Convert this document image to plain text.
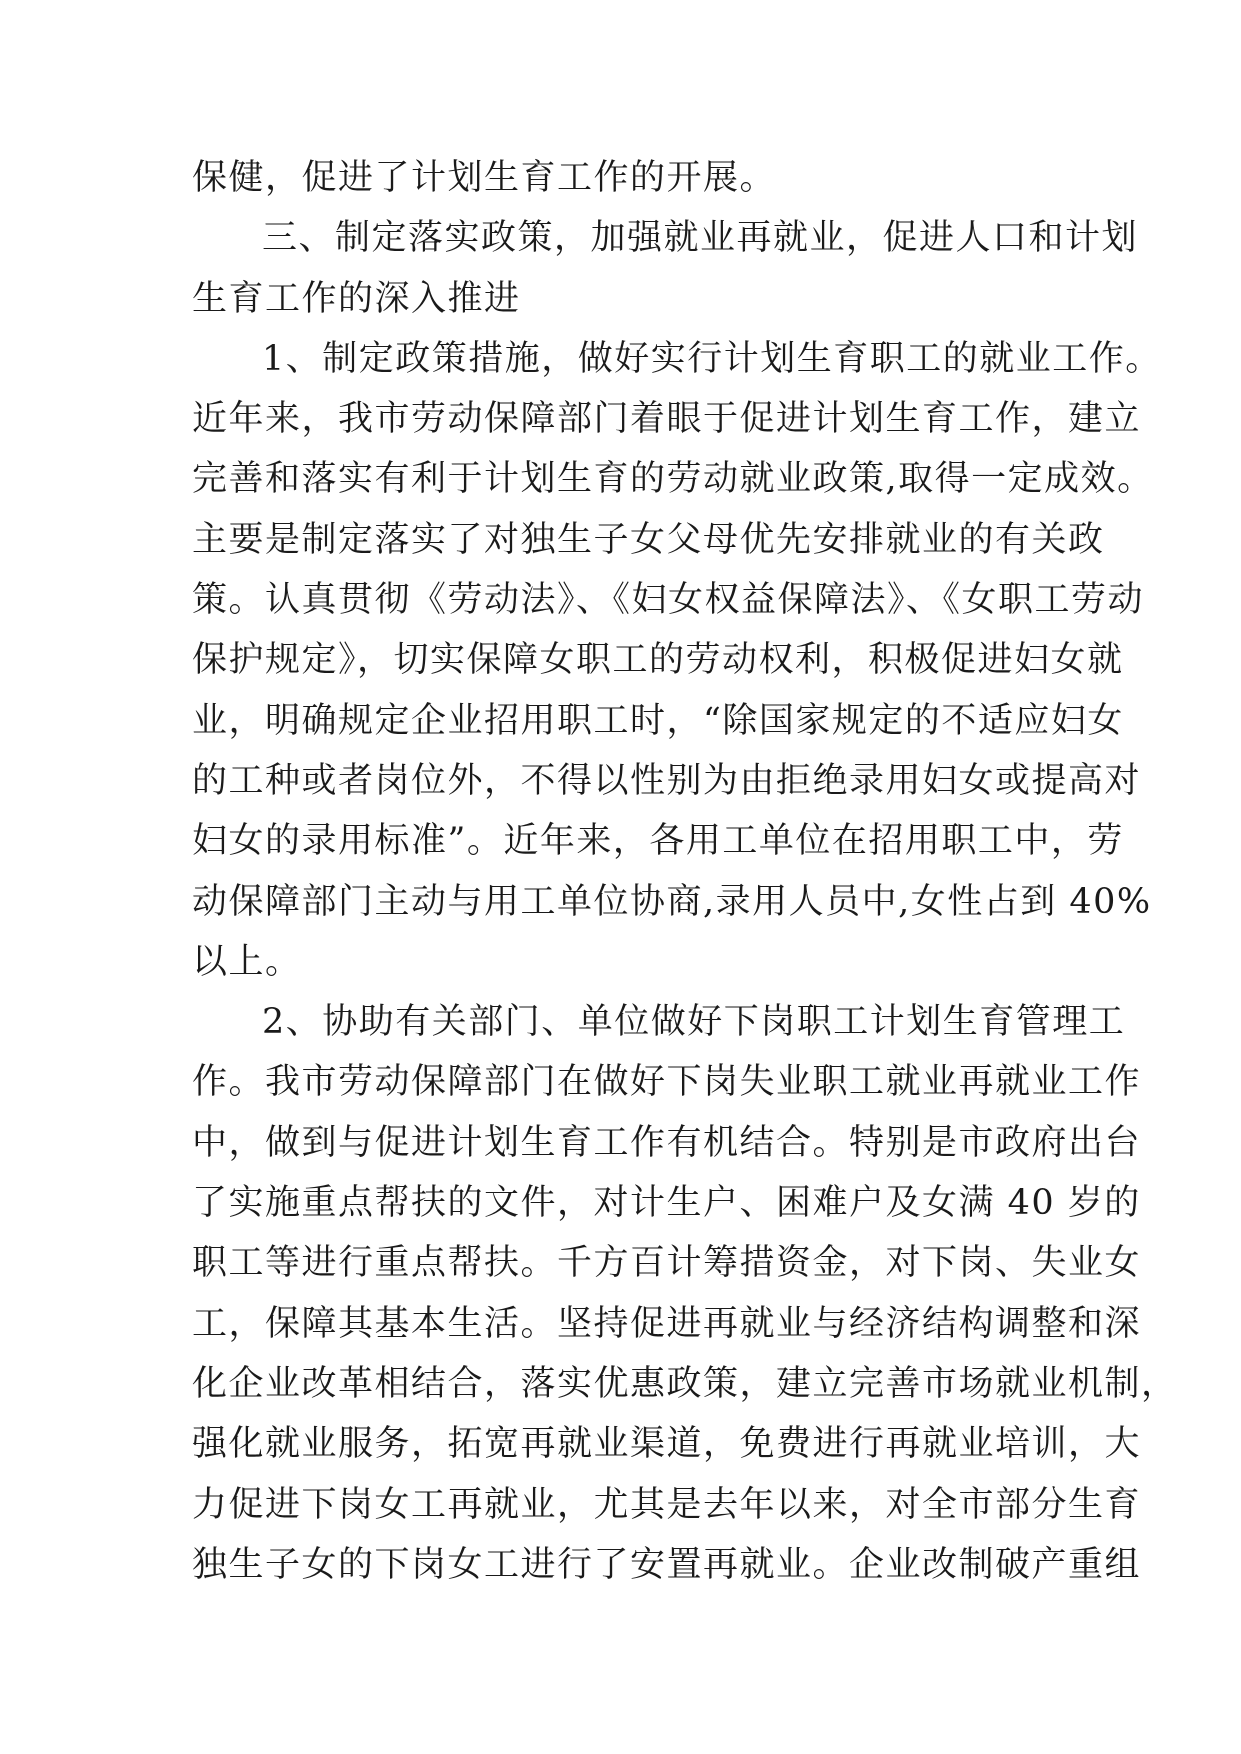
保健，促进了计划生育工作的开展。
三、制定落实政策，加强就业再就业，促进人口和计划
生育工作的深入推进
1、制定政策措施，做好实行计划生育职工的就业工作。
近年来，我市劳动保障部门着眼于促进计划生育工作，建立
完善和落实有利于计划生育的劳动就业政策,取得一定成效。
主要是制定落实了对独生子女父母优先安排就业的有关政
策。认真贯彻《劳动法》、《妇女权益保障法》、《女职工劳动
保护规定》，切实保障女职工的劳动权利，积极促进妇女就
业，明确规定企业招用职工时，“除国家规定的不适应妇女
的工种或者岗位外，不得以性别为由拒绝录用妇女或提高对
妇女的录用标准”。近年来，各用工单位在招用职工中，劳
动保障部门主动与用工单位协商,录用人员中,女性占到 40%
以上。
2、协助有关部门、单位做好下岗职工计划生育管理工
作。我市劳动保障部门在做好下岗失业职工就业再就业工作
中，做到与促进计划生育工作有机结合。特别是市政府出台
了实施重点帮扶的文件，对计生户、困难户及女满 40 岁的
职工等进行重点帮扶。千方百计筹措资金，对下岗、失业女
工，保障其基本生活。坚持促进再就业与经济结构调整和深
化企业改革相结合，落实优惠政策，建立完善市场就业机制，
强化就业服务，拓宽再就业渠道，免费进行再就业培训，大
力促进下岗女工再就业，尤其是去年以来，对全市部分生育
独生子女的下岗女工进行了安置再就业。企业改制破产重组
